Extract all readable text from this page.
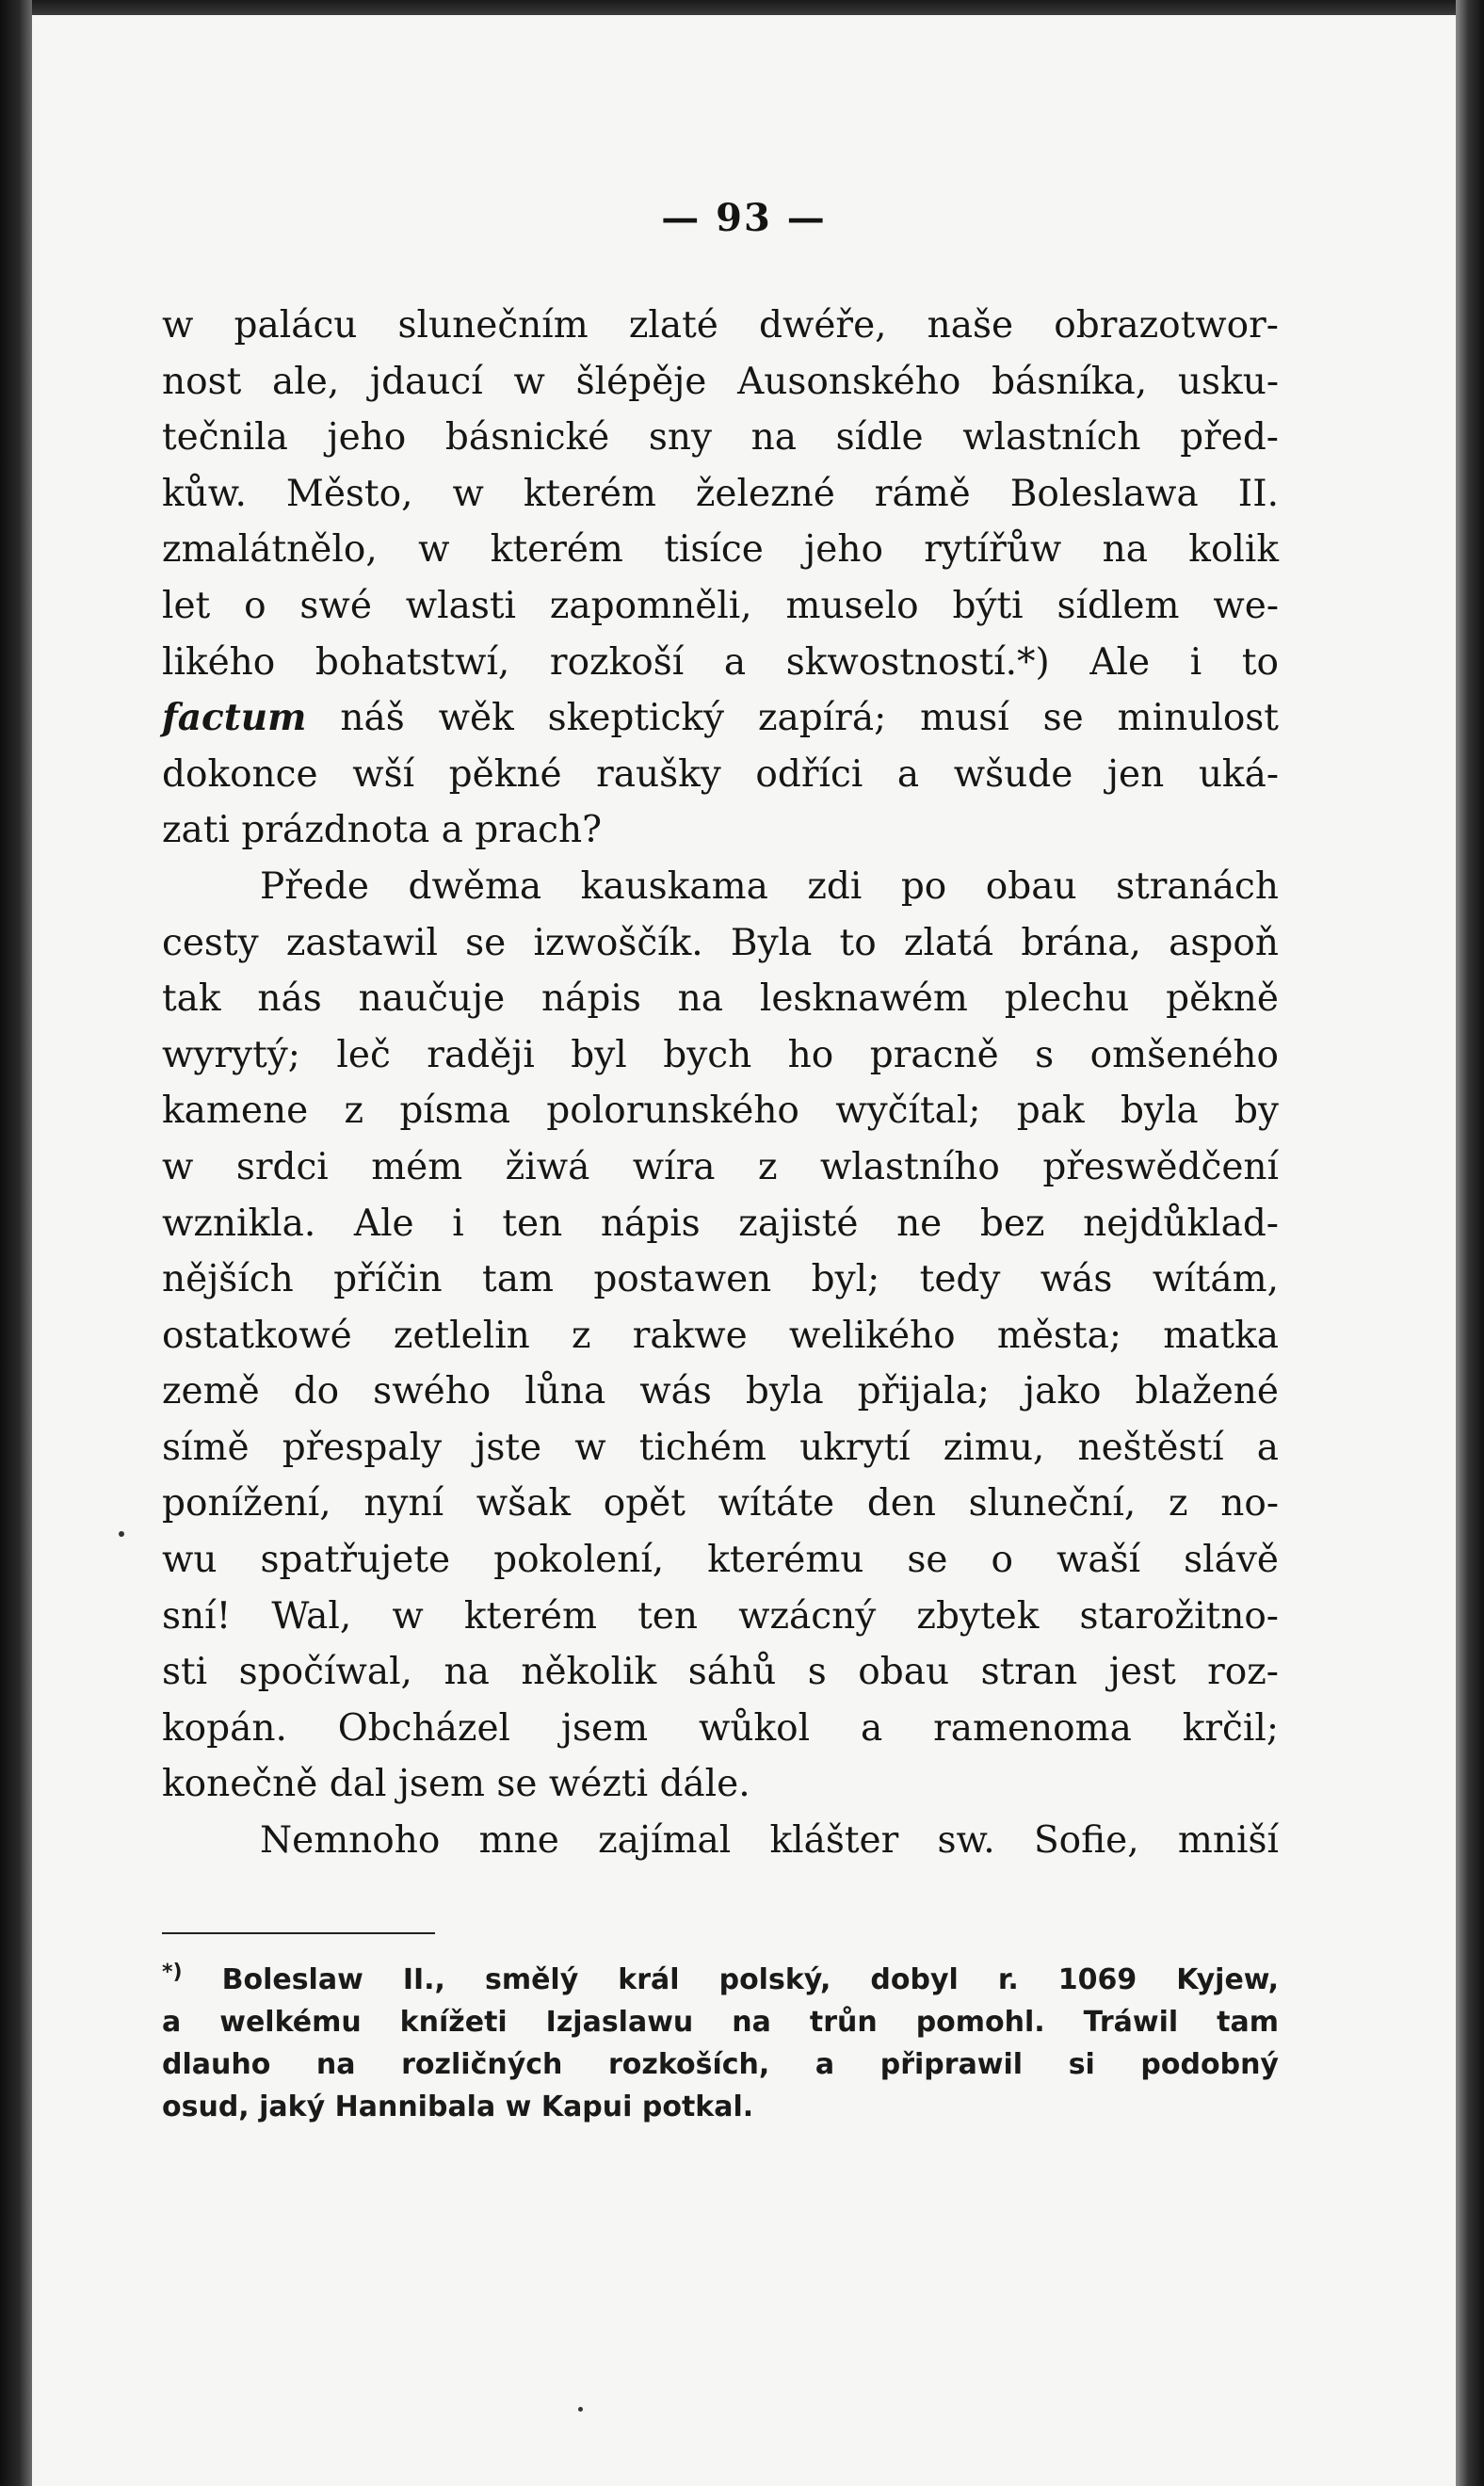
— 93 —
w palácu slunečním zlaté dwéře, naše obrazotwor-
nost ale, jdaucí w šlépěje Ausonského básníka, usku-
tečnila jeho básnické sny na sídle wlastních před-
kůw. Město, w kterém železné rámě Boleslawa II.
zmalátnělo, w kterém tisíce jeho rytířůw na kolik
let o swé wlasti zapomněli, muselo býti sídlem we-
likého bohatstwí, rozkoší a skwostností.*) Ale i to
factum náš wěk skeptický zapírá; musí se minulost
dokonce wší pěkné raušky odříci a wšude jen uká-
zati prázdnota a prach?
Přede dwěma kauskama zdi po obau stranách
cesty zastawil se izwoščík. Byla to zlatá brána, aspoň
tak nás naučuje nápis na lesknawém plechu pěkně
wyrytý; leč raději byl bych ho pracně s omšeného
kamene z písma polorunského wyčítal; pak byla by
w srdci mém žiwá wíra z wlastního přeswědčení
wznikla. Ale i ten nápis zajisté ne bez nejdůklad-
nějších příčin tam postawen byl; tedy wás wítám,
ostatkowé zetlelin z rakwe welikého města; matka
země do swého lůna wás byla přijala; jako blažené
símě přespaly jste w tichém ukrytí zimu, neštěstí a
ponížení, nyní wšak opět wítáte den sluneční, z no-
wu spatřujete pokolení, kterému se o waší slávě
sní! Wal, w kterém ten wzácný zbytek starožitno-
sti spočíwal, na několik sáhů s obau stran jest roz-
kopán. Obcházel jsem wůkol a ramenoma krčil;
konečně dal jsem se wézti dále.
Nemnoho mne zajímal klášter sw. Sofie, mniší
*) Boleslaw II., smělý král polský, dobyl r. 1069 Kyjew,
a welkému knížeti Izjaslawu na trůn pomohl. Tráwil tam
dlauho na rozličných rozkoších, a připrawil si podobný
osud, jaký Hannibala w Kapui potkal.
